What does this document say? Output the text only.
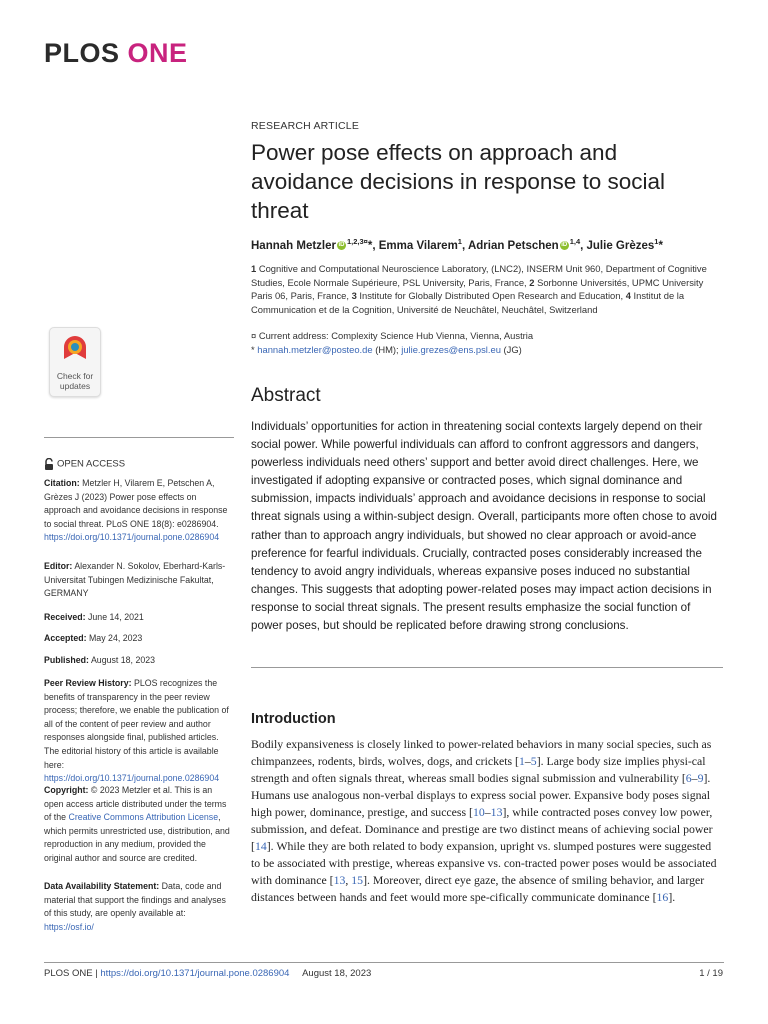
PLOS ONE
Check for
updates
OPEN ACCESS
Citation: Metzler H, Vilarem E, Petschen A, Grèzes J (2023) Power pose effects on approach and avoidance decisions in response to social threat. PLoS ONE 18(8): e0286904. https://doi.org/10.1371/journal.pone.0286904
Editor: Alexander N. Sokolov, Eberhard-Karls-Universitat Tubingen Medizinische Fakultat, GERMANY
Received: June 14, 2021
Accepted: May 24, 2023
Published: August 18, 2023
Peer Review History: PLOS recognizes the benefits of transparency in the peer review process; therefore, we enable the publication of all of the content of peer review and author responses alongside final, published articles. The editorial history of this article is available here: https://doi.org/10.1371/journal.pone.0286904
Copyright: © 2023 Metzler et al. This is an open access article distributed under the terms of the Creative Commons Attribution License, which permits unrestricted use, distribution, and reproduction in any medium, provided the original author and source are credited.
Data Availability Statement: Data, code and material that support the findings and analyses of this study, are openly available at: https://osf.io/
RESEARCH ARTICLE
Power pose effects on approach and avoidance decisions in response to social threat
Hannah Metzler iD $^{1,2,3¤}$*, Emma Vilarem$^1$, Adrian Petschen iD $^{1,4}$, Julie Grèzes$^1$*
1 Cognitive and Computational Neuroscience Laboratory, (LNC2), INSERM Unit 960, Department of Cognitive Studies, Ecole Normale Supérieure, PSL University, Paris, France, 2 Sorbonne Universités, UPMC University Paris 06, Paris, France, 3 Institute for Globally Distributed Open Research and Education, 4 Institut de la Communication et de la Cognition, Université de Neuchâtel, Neuchâtel, Switzerland
¤ Current address: Complexity Science Hub Vienna, Vienna, Austria
* hannah.metzler@posteo.de (HM); julie.grezes@ens.psl.eu (JG)
Abstract
Individuals’ opportunities for action in threatening social contexts largely depend on their social power. While powerful individuals can afford to confront aggressors and dangers, powerless individuals need others’ support and better avoid direct challenges. Here, we investigated if adopting expansive or contracted poses, which signal dominance and submission, impacts individuals’ approach and avoidance decisions in response to social threat signals using a within-subject design. Overall, participants more often chose to avoid rather than to approach angry individuals, but showed no clear approach or avoid-ance preference for fearful individuals. Crucially, contracted poses considerably increased the tendency to avoid angry individuals, whereas expansive poses induced no substantial changes. This suggests that adopting power-related poses may impact action decisions in response to social threat signals. The present results emphasize the social function of power poses, but should be replicated before drawing strong conclusions.
Introduction
Bodily expansiveness is closely linked to power-related behaviors in many social species, such as chimpanzees, rodents, birds, wolves, dogs, and crickets [1–5]. Large body size implies physi-cal strength and often signals threat, whereas small bodies signal submission and vulnerability [6–9]. Humans use analogous non-verbal displays to express social power. Expansive body poses signal high power, dominance, prestige, and success [10–13], while contracted poses convey low power, submission, and defeat. Dominance and prestige are two distinct means of achieving social power [14]. While they are both related to body expansion, upright vs. slumped postures were suggested to be associated with prestige, whereas expansive vs. con-tracted power poses would be associated with dominance [13, 15]. Moreover, direct eye gaze, the absence of smiling behavior, and larger distances between hands and feet would more spe-cifically communicate dominance [16].
PLOS ONE | https://doi.org/10.1371/journal.pone.0286904 August 18, 2023	1 / 19
